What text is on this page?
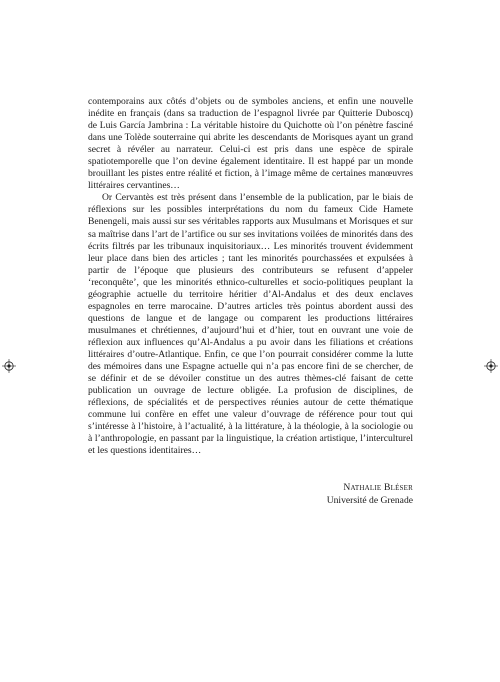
contemporains aux côtés d’objets ou de symboles anciens, et enfin une nouvelle inédite en français (dans sa traduction de l’espagnol livrée par Quitterie Duboscq) de Luis García Jambrina : La véritable histoire du Quichotte où l’on pénètre fasciné dans une Tolède souterraine qui abrite les descendants de Morisques ayant un grand secret à révéler au narrateur. Celui-ci est pris dans une espèce de spirale spatiotemporelle que l’on devine également identitaire. Il est happé par un monde brouillant les pistes entre réalité et fiction, à l’image même de certaines manœuvres littéraires cervantines…

Or Cervantès est très présent dans l’ensemble de la publication, par le biais de réflexions sur les possibles interprétations du nom du fameux Cide Hamete Benengeli, mais aussi sur ses véritables rapports aux Musulmans et Morisques et sur sa maîtrise dans l’art de l’artifice ou sur ses invitations voilées de minorités dans des écrits filtrés par les tribunaux inquisitoriaux… Les minorités trouvent évidemment leur place dans bien des articles ; tant les minorités pourchassées et expulsées à partir de l’époque que plusieurs des contributeurs se refusent d’appeler ‘reconquête’, que les minorités ethnico-culturelles et socio-politiques peuplant la géographie actuelle du territoire héritier d’Al-Andalus et des deux enclaves espagnoles en terre marocaine. D’autres articles très pointus abordent aussi des questions de langue et de langage ou comparent les productions littéraires musulmanes et chrétiennes, d’aujourd’hui et d’hier, tout en ouvrant une voie de réflexion aux influences qu’Al-Andalus a pu avoir dans les filiations et créations littéraires d’outre-Atlantique. Enfin, ce que l’on pourrait considérer comme la lutte des mémoires dans une Espagne actuelle qui n’a pas encore fini de se chercher, de se définir et de se dévoiler constitue un des autres thèmes-clé faisant de cette publication un ouvrage de lecture obligée. La profusion de disciplines, de réflexions, de spécialités et de perspectives réunies autour de cette thématique commune lui confère en effet une valeur d’ouvrage de référence pour tout qui s’intéresse à l’histoire, à l’actualité, à la littérature, à la théologie, à la sociologie ou à l’anthropologie, en passant par la linguistique, la création artistique, l’interculturel et les questions identitaires…

Nathalie Bléser
Université de Grenade
